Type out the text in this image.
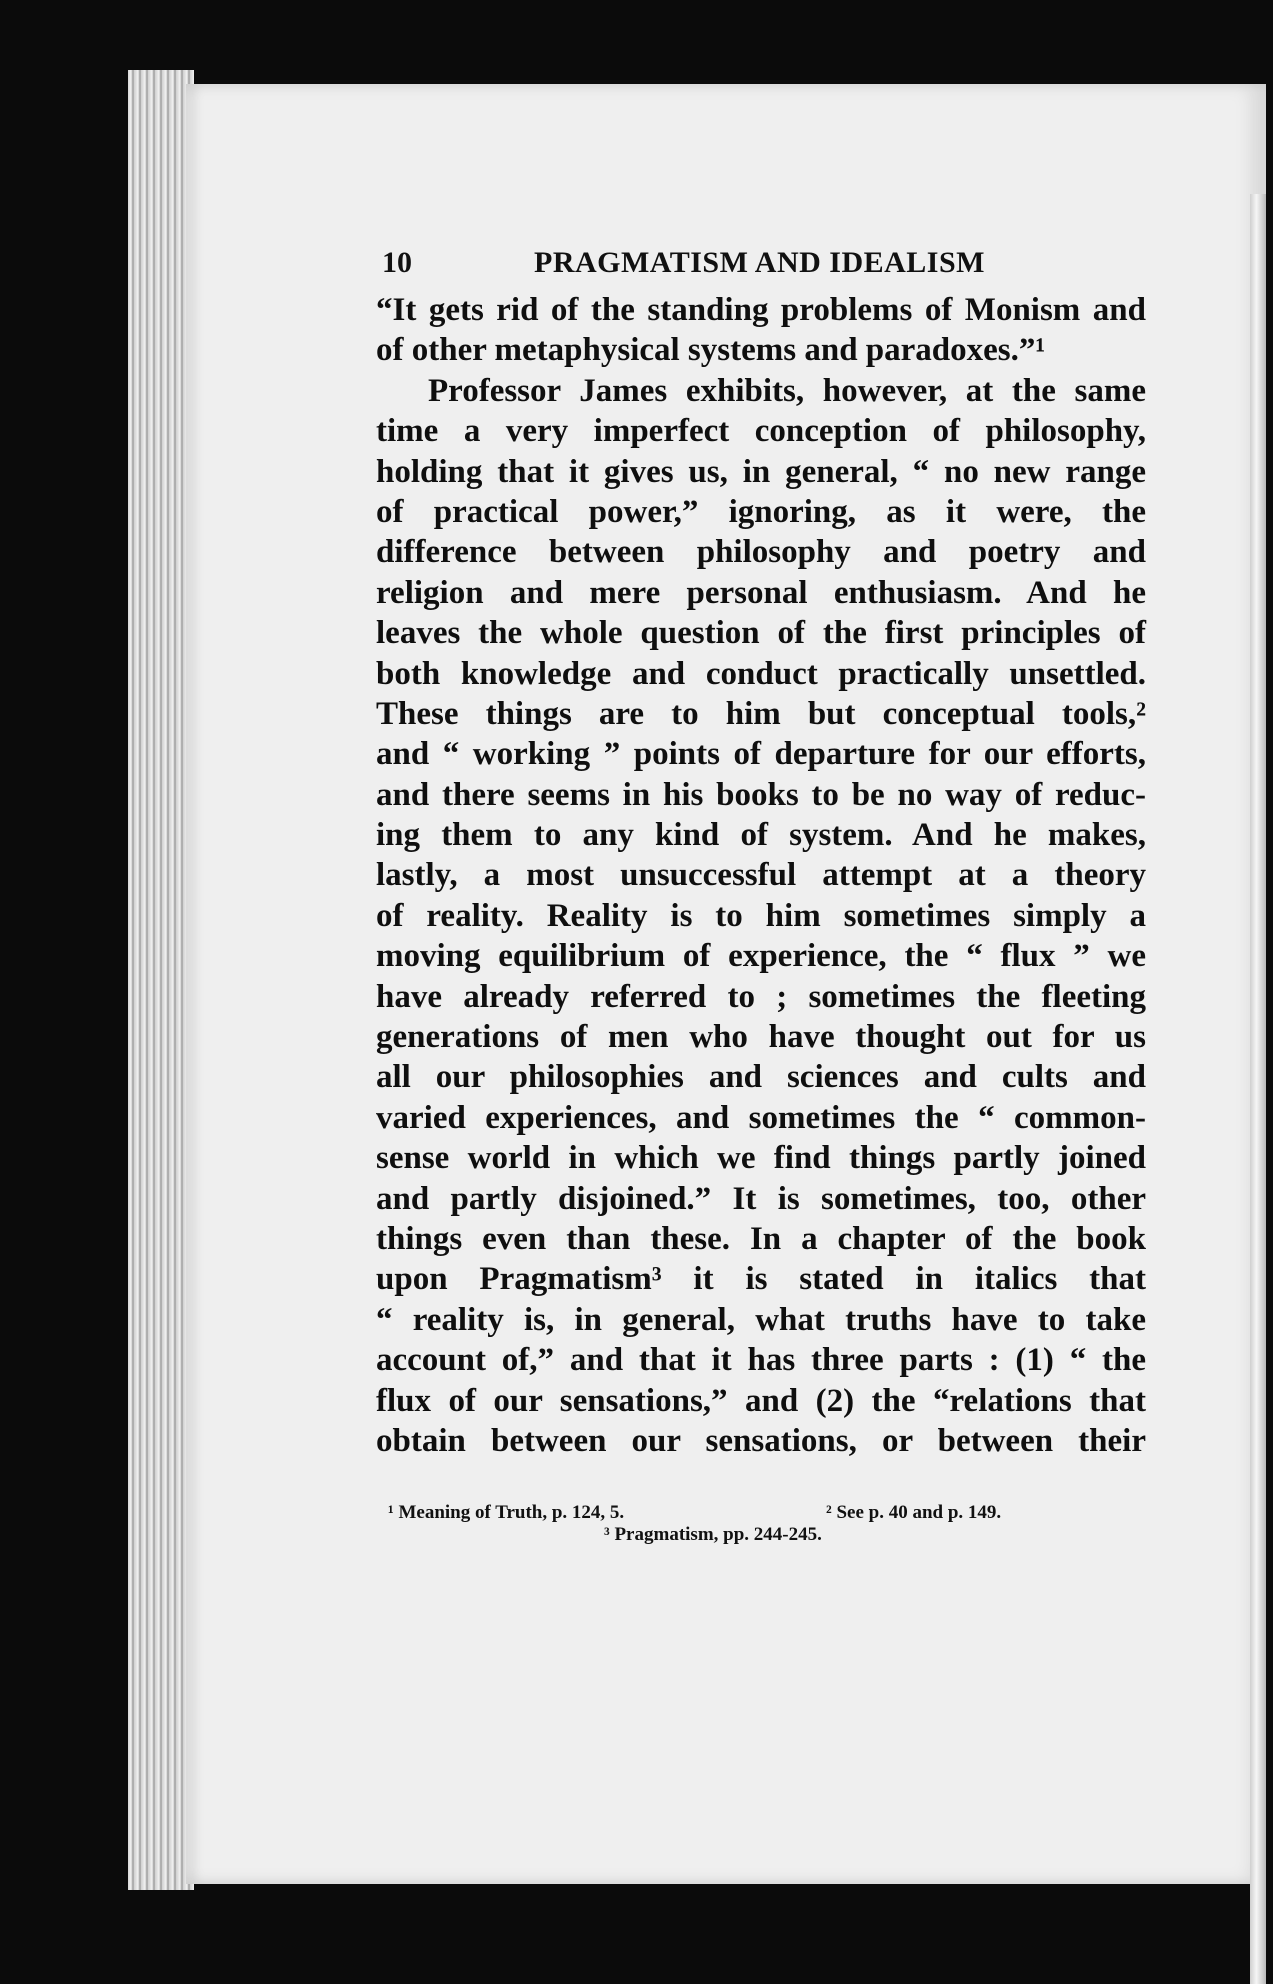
10	PRAGMATISM AND IDEALISM
“It gets rid of the standing problems of Monism and
of other metaphysical systems and paradoxes.”¹
Professor James exhibits, however, at the same
time a very imperfect conception of philosophy,
holding that it gives us, in general, “ no new range
of practical power,” ignoring, as it were, the
difference between philosophy and poetry and
religion and mere personal enthusiasm. And he
leaves the whole question of the first principles of
both knowledge and conduct practically unsettled.
These things are to him but conceptual tools,²
and “ working ” points of departure for our efforts,
and there seems in his books to be no way of reduc-
ing them to any kind of system. And he makes,
lastly, a most unsuccessful attempt at a theory
of reality. Reality is to him sometimes simply a
moving equilibrium of experience, the “ flux ” we
have already referred to ; sometimes the fleeting
generations of men who have thought out for us
all our philosophies and sciences and cults and
varied experiences, and sometimes the “ common-
sense world in which we find things partly joined
and partly disjoined.” It is sometimes, too, other
things even than these. In a chapter of the book
upon Pragmatism³ it is stated in italics that
“ reality is, in general, what truths have to take
account of,” and that it has three parts : (1) “ the
flux of our sensations,” and (2) the “relations that
obtain between our sensations, or between their
¹ Meaning of Truth, p. 124, 5.	² See p. 40 and p. 149.
³ Pragmatism, pp. 244-245.
